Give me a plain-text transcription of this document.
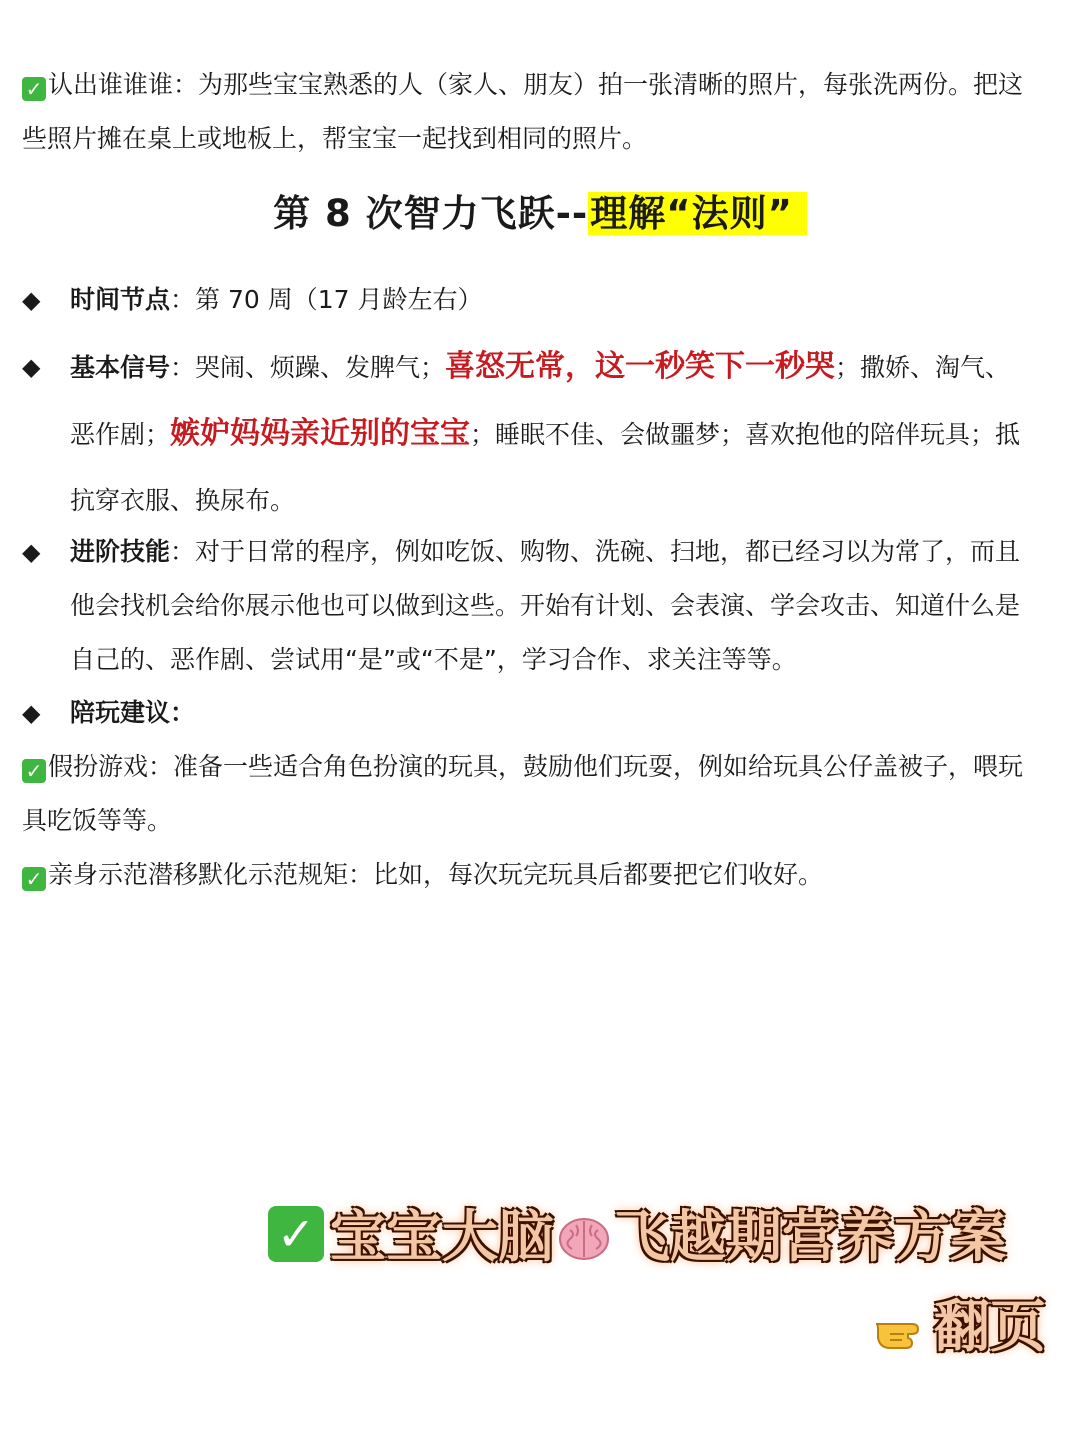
✓ 认出谁谁谁：为那些宝宝熟悉的人（家人、朋友）拍一张清晰的照片，每张洗两份。把这些照片摊在桌上或地板上，帮宝宝一起找到相同的照片。
第 8 次智力飞跃--理解“法则”
◆ 时间节点：第 70 周（17 月龄左右）
◆ 基本信号：哭闹、烦躁、发脾气；喜怒无常，这一秒笑下一秒哭；撒娇、淘气、恶作剧；嫉妒妈妈亲近别的宝宝；睡眠不佳、会做噩梦；喜欢抱他的陪伴玩具；抵抗穿衣服、换尿布。
◆ 进阶技能：对于日常的程序，例如吃饭、购物、洗碗、扫地，都已经习以为常了，而且他会找机会给你展示他也可以做到这些。开始有计划、会表演、学会攻击、知道什么是自己的、恶作剧、尝试用“是”或“不是”，学习合作、求关注等等。
◆ 陪玩建议：
✓ 假扮游戏：准备一些适合角色扮演的玩具，鼓励他们玩耍，例如给玩具公仔盖被子，喂玩具吃饭等等。
✓ 亲身示范潜移默化示范规矩：比如，每次玩完玩具后都要把它们收好。
✓ 宝宝大脑 飞越期营养方案
翻页
